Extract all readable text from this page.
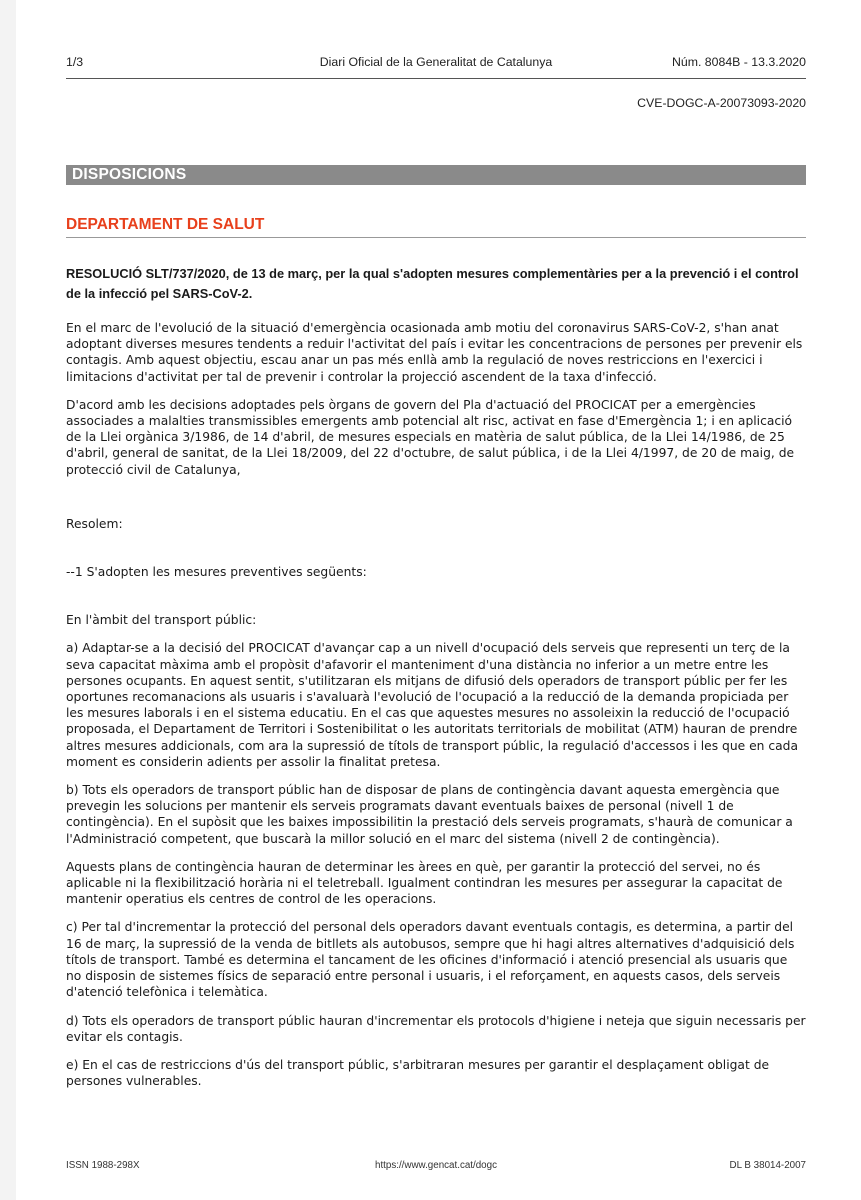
1/3	Diari Oficial de la Generalitat de Catalunya	Núm. 8084B - 13.3.2020
CVE-DOGC-A-20073093-2020
DISPOSICIONS
DEPARTAMENT DE SALUT
RESOLUCIÓ SLT/737/2020, de 13 de març, per la qual s'adopten mesures complementàries per a la prevenció i el control de la infecció pel SARS-CoV-2.

En el marc de l'evolució de la situació d'emergència ocasionada amb motiu del coronavirus SARS-CoV-2, s'han anat adoptant diverses mesures tendents a reduir l'activitat del país i evitar les concentracions de persones per prevenir els contagis. Amb aquest objectiu, escau anar un pas més enllà amb la regulació de noves restriccions en l'exercici i limitacions d'activitat per tal de prevenir i controlar la projecció ascendent de la taxa d'infecció.

D'acord amb les decisions adoptades pels òrgans de govern del Pla d'actuació del PROCICAT per a emergències associades a malalties transmissibles emergents amb potencial alt risc, activat en fase d'Emergència 1; i en aplicació de la Llei orgànica 3/1986, de 14 d'abril, de mesures especials en matèria de salut pública, de la Llei 14/1986, de 25 d'abril, general de sanitat, de la Llei 18/2009, del 22 d'octubre, de salut pública, i de la Llei 4/1997, de 20 de maig, de protecció civil de Catalunya,

Resolem:

--1 S'adopten les mesures preventives següents:

En l'àmbit del transport públic:

a) Adaptar-se a la decisió del PROCICAT d'avançar cap a un nivell d'ocupació dels serveis que representi un terç de la seva capacitat màxima amb el propòsit d'afavorir el manteniment d'una distància no inferior a un metre entre les persones ocupants. En aquest sentit, s'utilitzaran els mitjans de difusió dels operadors de transport públic per fer les oportunes recomanacions als usuaris i s'avaluarà l'evolució de l'ocupació a la reducció de la demanda propiciada per les mesures laborals i en el sistema educatiu. En el cas que aquestes mesures no assoleixin la reducció de l'ocupació proposada, el Departament de Territori i Sostenibilitat o les autoritats territorials de mobilitat (ATM) hauran de prendre altres mesures addicionals, com ara la supressió de títols de transport públic, la regulació d'accessos i les que en cada moment es considerin adients per assolir la finalitat pretesa.

b) Tots els operadors de transport públic han de disposar de plans de contingència davant aquesta emergència que prevegin les solucions per mantenir els serveis programats davant eventuals baixes de personal (nivell 1 de contingència). En el supòsit que les baixes impossibilitin la prestació dels serveis programats, s'haurà de comunicar a l'Administració competent, que buscarà la millor solució en el marc del sistema (nivell 2 de contingència).

Aquests plans de contingència hauran de determinar les àrees en què, per garantir la protecció del servei, no és aplicable ni la flexibilització horària ni el teletreball. Igualment contindran les mesures per assegurar la capacitat de mantenir operatius els centres de control de les operacions.

c) Per tal d'incrementar la protecció del personal dels operadors davant eventuals contagis, es determina, a partir del 16 de març, la supressió de la venda de bitllets als autobusos, sempre que hi hagi altres alternatives d'adquisició dels títols de transport. També es determina el tancament de les oficines d'informació i atenció presencial als usuaris que no disposin de sistemes físics de separació entre personal i usuaris, i el reforçament, en aquests casos, dels serveis d'atenció telefònica i telemàtica.

d) Tots els operadors de transport públic hauran d'incrementar els protocols d'higiene i neteja que siguin necessaris per evitar els contagis.

e) En el cas de restriccions d'ús del transport públic, s'arbitraran mesures per garantir el desplaçament obligat de persones vulnerables.

ISSN 1988-298X	https://www.gencat.cat/dogc	DL B 38014-2007
